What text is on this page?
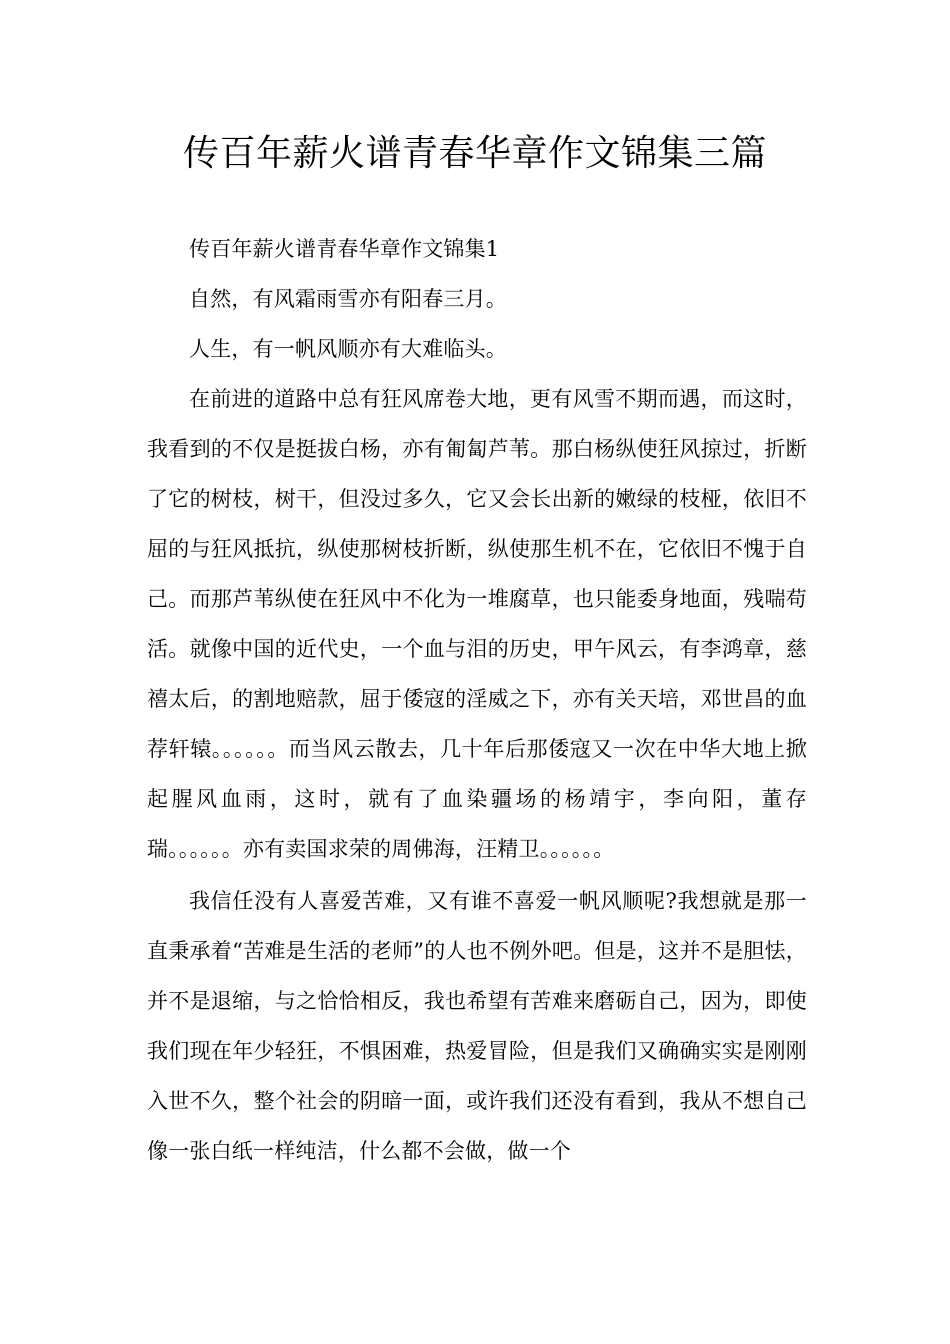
传百年薪火谱青春华章作文锦集三篇

传百年薪火谱青春华章作文锦集1

自然，有风霜雨雪亦有阳春三月。

人生，有一帆风顺亦有大难临头。

在前进的道路中总有狂风席卷大地，更有风雪不期而遇，而这时，我看到的不仅是挺拔白杨，亦有匍匐芦苇。那白杨纵使狂风掠过，折断了它的树枝，树干，但没过多久，它又会长出新的嫩绿的枝桠，依旧不屈的与狂风抵抗，纵使那树枝折断，纵使那生机不在，它依旧不愧于自己。而那芦苇纵使在狂风中不化为一堆腐草，也只能委身地面，残喘苟活。就像中国的近代史，一个血与泪的历史，甲午风云，有李鸿章，慈禧太后，的割地赔款，屈于倭寇的淫威之下，亦有关天培，邓世昌的血荐轩辕。。。。。。而当风云散去，几十年后那倭寇又一次在中华大地上掀起腥风血雨，这时，就有了血染疆场的杨靖宇，李向阳，董存瑞。。。。。。亦有卖国求荣的周佛海，汪精卫。。。。。。

我信任没有人喜爱苦难，又有谁不喜爱一帆风顺呢?我想就是那一直秉承着“苦难是生活的老师”的人也不例外吧。但是，这并不是胆怯，并不是退缩，与之恰恰相反，我也希望有苦难来磨砺自己，因为，即使我们现在年少轻狂，不惧困难，热爱冒险，但是我们又确确实实是刚刚入世不久，整个社会的阴暗一面，或许我们还没有看到，我从不想自己像一张白纸一样纯洁，什么都不会做，做一个
